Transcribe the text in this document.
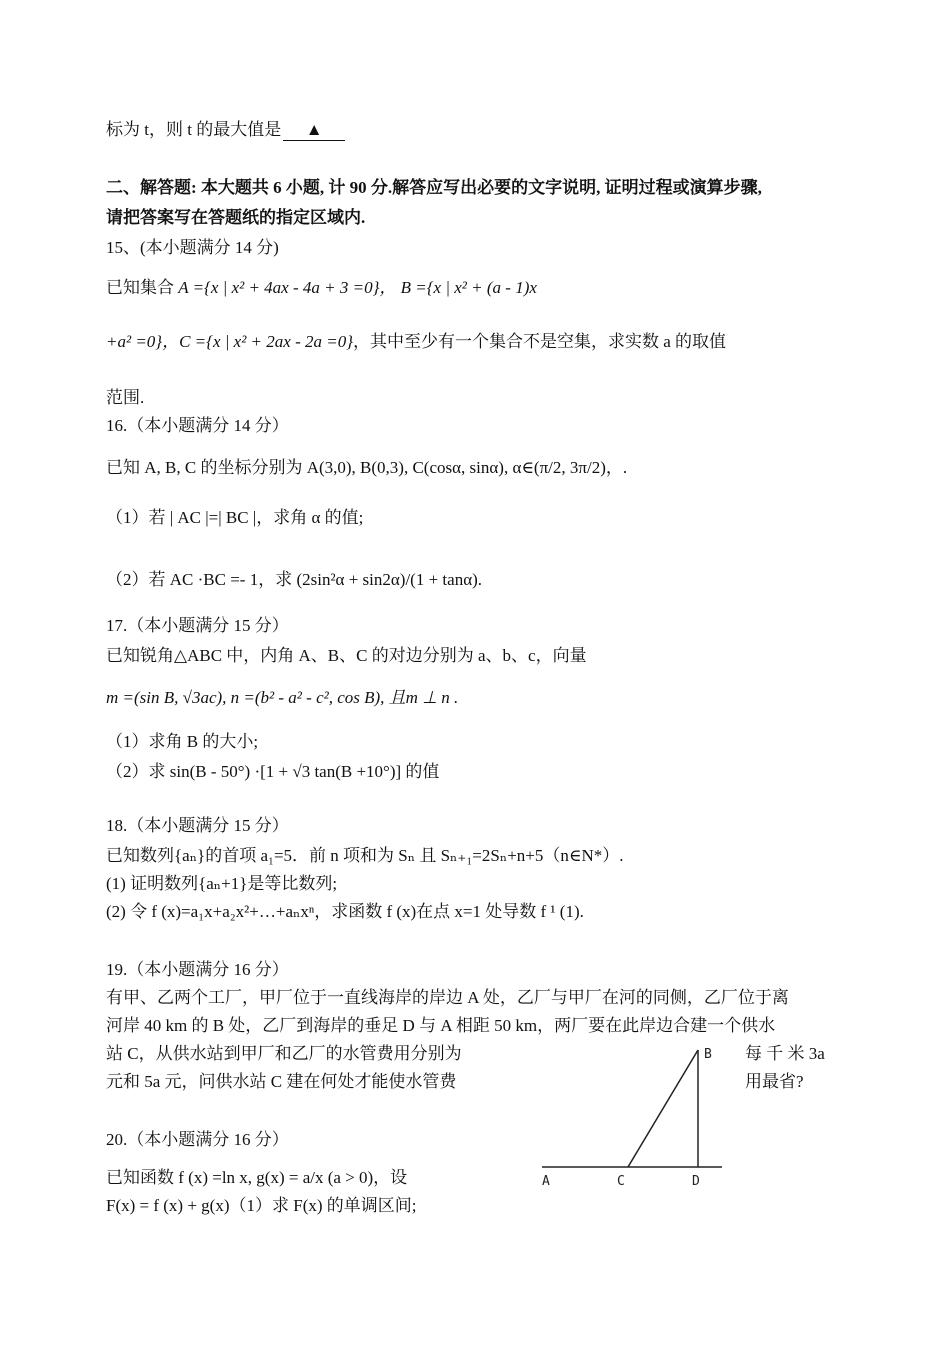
标为 t，则 t 的最大值是 ▲
二、解答题: 本大题共 6 小题, 计 90 分.解答应写出必要的文字说明, 证明过程或演算步骤,
请把答案写在答题纸的指定区域内.
15、(本小题满分 14 分)
已知集合 A ={x | x² + 4ax - 4a + 3 =0}， B ={x | x² + (a - 1)x
+a² =0}，C ={x | x² + 2ax - 2a =0}，其中至少有一个集合不是空集，求实数 a 的取值
范围.
16.（本小题满分 14 分）
已知 A, B, C 的坐标分别为 A(3,0), B(0,3), C(cosα, sinα), α∈(π/2, 3π/2)，.
（1）若 | AC |=| BC |，求角 α 的值;
（2）若 AC ·BC =- 1，求 (2sin²α + sin2α)/(1 + tanα).
17.（本小题满分 15 分）
已知锐角△ABC 中，内角 A、B、C 的对边分别为 a、b、c，向量
m =(sin B, √3ac), n =(b² - a² - c², cos B), 且m ⊥ n .
（1）求角 B 的大小;
（2）求 sin(B - 50°) ·[1 + √3 tan(B +10°)] 的值
18.（本小题满分 15 分）
已知数列{aₙ}的首项 a₁=5．前 n 项和为 Sₙ 且 Sₙ₊₁=2Sₙ+n+5（n∈N*）.
(1) 证明数列{aₙ+1}是等比数列;
(2) 令 f (x)=a₁x+a₂x²+…+aₙxⁿ，求函数 f (x)在点 x=1 处导数 f ¹ (1).
19.（本小题满分 16 分）
有甲、乙两个工厂，甲厂位于一直线海岸的岸边 A 处，乙厂与甲厂在河的同侧，乙厂位于离
河岸 40 km 的 B 处，乙厂到海岸的垂足 D 与 A 相距 50 km，两厂要在此岸边合建一个供水
站 C，从供水站到甲厂和乙厂的水管费用分别为	每 千 米 3a
元和 5a 元，问供水站 C 建在何处才能使水管费	用最省?
B
A	C	D
20.（本小题满分 16 分）
已知函数 f (x) =ln x, g(x) = a/x (a > 0)，设
F(x) = f (x) + g(x)（1）求 F(x) 的单调区间;
